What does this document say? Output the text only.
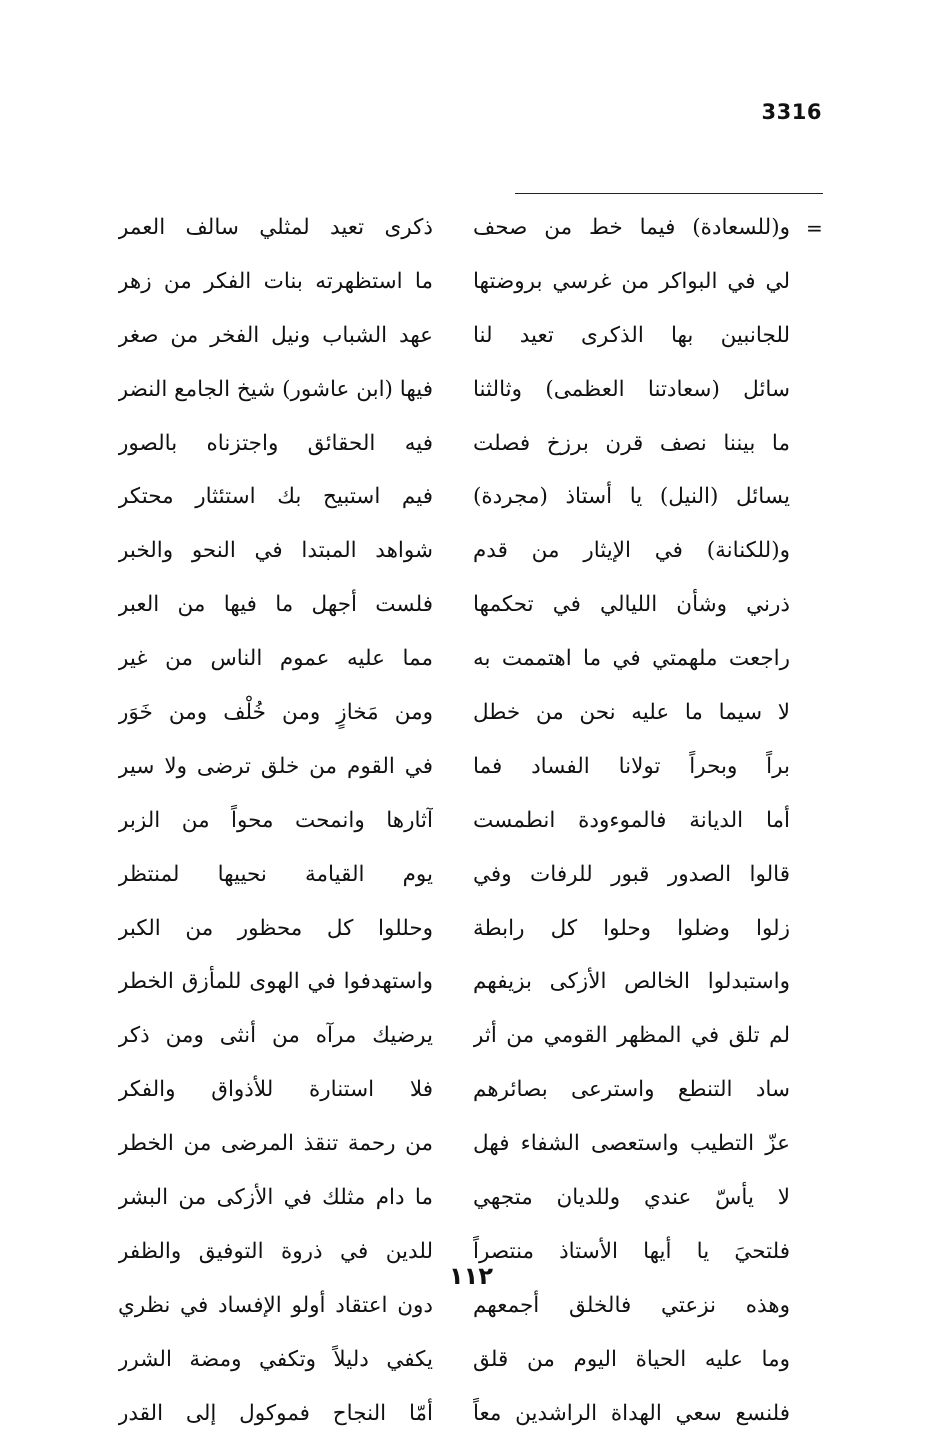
3316
=
و(للسعادة) فيما خط من صحف
لي في البواكر من غرسي بروضتها
للجانبين بها الذكرى تعيد لنا
سائل (سعادتنا العظمى) وثالثنا
ما بيننا نصف قرن برزخ فصلت
يسائل (النيل) يا أستاذ (مجردة)
و(للكنانة) في الإيثار من قدم
ذرني وشأن الليالي في تحكمها
راجعت ملهمتي في ما اهتممت به
لا سيما ما عليه نحن من خطل
براً وبحراً تولانا الفساد فما
أما الديانة فالموءودة انطمست
قالوا الصدور قبور للرفات وفي
زلوا وضلوا وحلوا كل رابطة
واستبدلوا الخالص الأزكى بزيفهم
لم تلق في المظهر القومي من أثر
ساد التنطع واسترعى بصائرهم
عزّ التطيب واستعصى الشفاء فهل
لا يأسّ عندي وللديان متجهي
فلتحيَ يا أيها الأستاذ منتصراً
وهذه نزعتي فالخلق أجمعهم
وما عليه الحياة اليوم من قلق
فلنسع سعي الهداة الراشدين معاً
ذكرى تعيد لمثلي سالف العمر
ما استظهرته بنات الفكر من زهر
عهد الشباب ونيل الفخر من صغر
فيها (ابن عاشور) شيخ الجامع النضر
فيه الحقائق واجتزناه بالصور
فيم استبيح بك استئثار محتكر
شواهد المبتدا في النحو والخبر
فلست أجهل ما فيها من العبر
مما عليه عموم الناس من غير
ومن مَخازٍ ومن خُلْف ومن خَوَر
في القوم من خلق ترضى ولا سير
آثارها وانمحت محواً من الزبر
يوم القيامة نحييها لمنتظر
وحللوا كل محظور من الكبر
واستهدفوا في الهوى للمأزق الخطر
يرضيك مرآه من أنثى ومن ذكر
فلا استنارة للأذواق والفكر
من رحمة تنقذ المرضى من الخطر
ما دام مثلك في الأزكى من البشر
للدين في ذروة التوفيق والظفر
دون اعتقاد أولو الإفساد في نظري
يكفي دليلاً وتكفي ومضة الشرر
أمّا النجاح فموكول إلى القدر
١١٢
